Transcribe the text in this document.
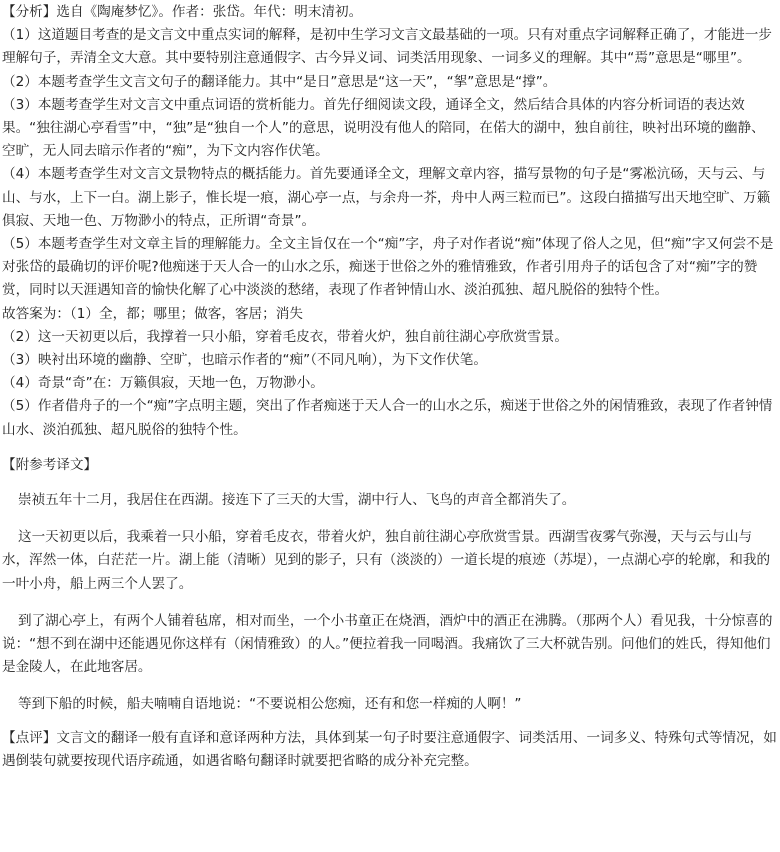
【分析】选自《陶庵梦忆》。作者：张岱。年代：明末清初。

（1）这道题目考查的是文言文中重点实词的解释，是初中生学习文言文最基础的一项。只有对重点字词解释正确了，才能进一步理解句子，弄清全文大意。其中要特别注意通假字、古今异义词、词类活用现象、一词多义的理解。其中“焉”意思是“哪里”。

（2）本题考查学生文言文句子的翻译能力。其中“是日”意思是“这一天”，“挐”意思是“撑”。

（3）本题考查学生对文言文中重点词语的赏析能力。首先仔细阅读文段，通译全文，然后结合具体的内容分析词语的表达效果。“独往湖心亭看雪”中，“独”是“独自一个人”的意思，说明没有他人的陪同，在偌大的湖中，独自前往，映衬出环境的幽静、空旷，无人同去暗示作者的“痴”，为下文内容作伏笔。

（4）本题考查学生对文言文景物特点的概括能力。首先要通译全文，理解文章内容，描写景物的句子是“雾凇沆砀，天与云、与山、与水，上下一白。湖上影子，惟长堤一痕，湖心亭一点，与余舟一芥，舟中人两三粒而已”。这段白描描写出天地空旷、万籁俱寂、天地一色、万物渺小的特点，正所谓“奇景”。

（5）本题考查学生对文章主旨的理解能力。全文主旨仅在一个“痴”字，舟子对作者说“痴”体现了俗人之见，但“痴”字又何尝不是对张岱的最确切的评价呢?他痴迷于天人合一的山水之乐，痴迷于世俗之外的雅情雅致，作者引用舟子的话包含了对“痴”字的赞赏，同时以天涯遇知音的愉快化解了心中淡淡的愁绪，表现了作者钟情山水、淡泊孤独、超凡脱俗的独特个性。

故答案为：（1）全，都；哪里；做客，客居；消失

（2）这一天初更以后，我撑着一只小船，穿着毛皮衣，带着火炉，独自前往湖心亭欣赏雪景。

（3）映衬出环境的幽静、空旷，也暗示作者的“痴”（不同凡响），为下文作伏笔。

（4）奇景“奇”在：万籁俱寂，天地一色，万物渺小。

（5）作者借舟子的一个“痴”字点明主题，突出了作者痴迷于天人合一的山水之乐，痴迷于世俗之外的闲情雅致，表现了作者钟情山水、淡泊孤独、超凡脱俗的独特个性。

【附参考译文】

崇祯五年十二月，我居住在西湖。接连下了三天的大雪，湖中行人、飞鸟的声音全都消失了。

这一天初更以后，我乘着一只小船，穿着毛皮衣，带着火炉，独自前往湖心亭欣赏雪景。西湖雪夜雾气弥漫，天与云与山与水，浑然一体，白茫茫一片。湖上能（清晰）见到的影子，只有（淡淡的）一道长堤的痕迹（苏堤），一点湖心亭的轮廓，和我的一叶小舟，船上两三个人罢了。

到了湖心亭上，有两个人铺着毡席，相对而坐，一个小书童正在烧酒，酒炉中的酒正在沸腾。（那两个人）看见我，十分惊喜的说：“想不到在湖中还能遇见你这样有（闲情雅致）的人。”便拉着我一同喝酒。我痛饮了三大杯就告别。问他们的姓氏，得知他们是金陵人，在此地客居。

等到下船的时候，船夫喃喃自语地说：“不要说相公您痴，还有和您一样痴的人啊！”

【点评】文言文的翻译一般有直译和意译两种方法，具体到某一句子时要注意通假字、词类活用、一词多义、特殊句式等情况，如遇倒装句就要按现代语序疏通，如遇省略句翻译时就要把省略的成分补充完整。
